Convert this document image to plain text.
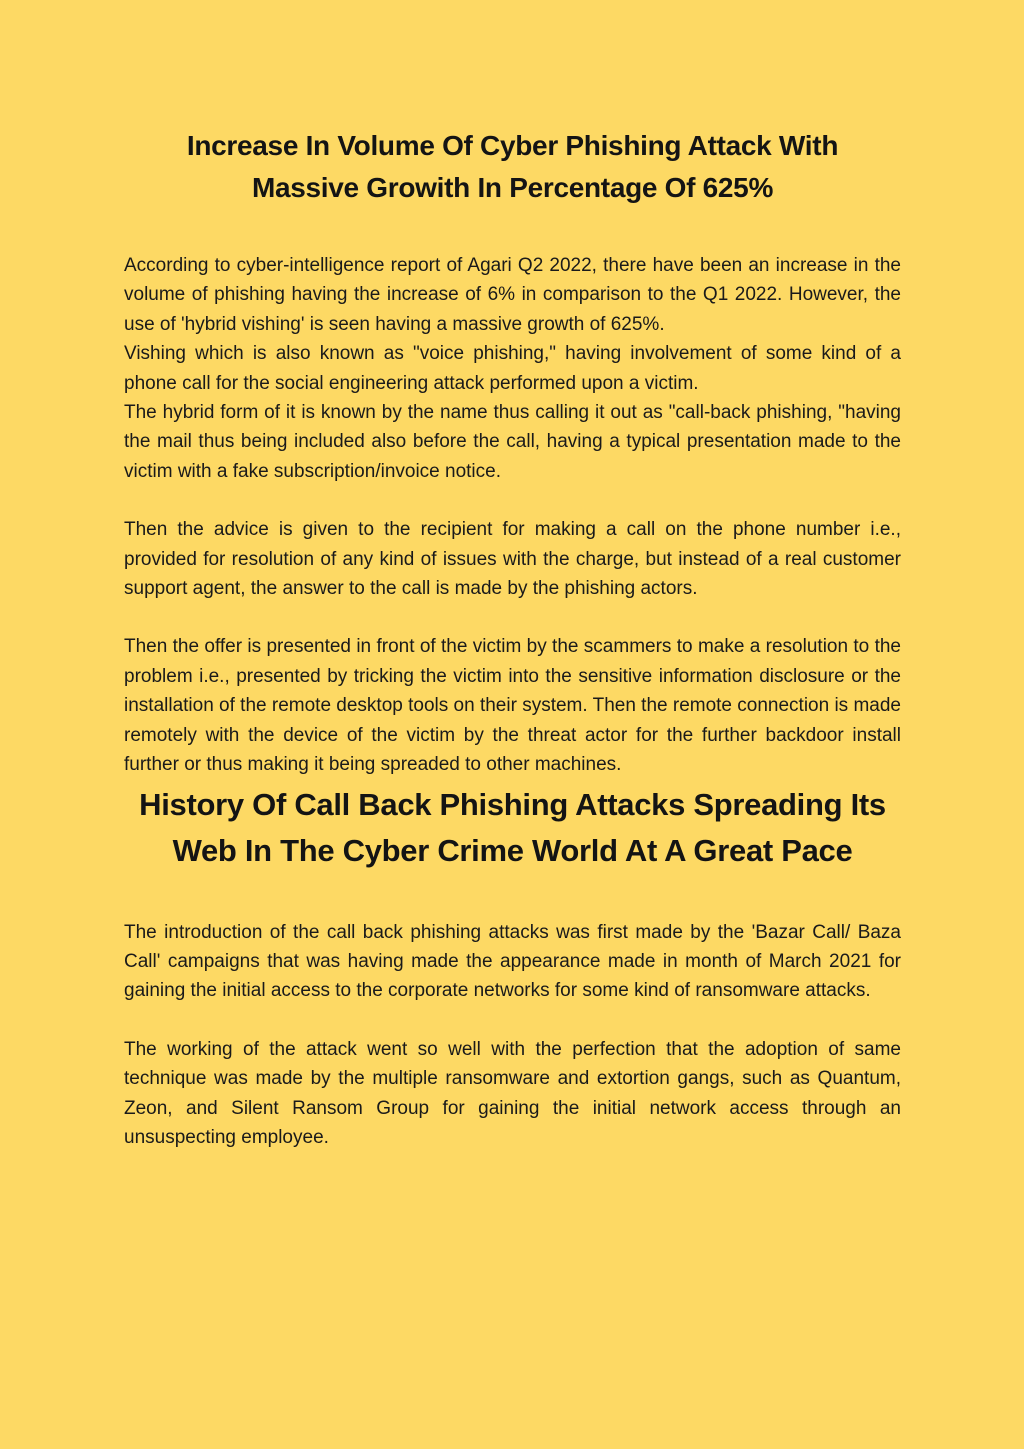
Increase In Volume Of Cyber Phishing Attack With Massive Growith In Percentage Of 625%

According to cyber-intelligence report of Agari Q2 2022, there have been an increase in the volume of phishing having the increase of 6% in comparison to the Q1 2022. However, the use of 'hybrid vishing' is seen having a massive growth of 625%.

Vishing which is also known as "voice phishing," having involvement of some kind of a phone call for the social engineering attack performed upon a victim.

The hybrid form of it is known by the name thus calling it out as "call-back phishing, "having the mail thus being included also before the call, having a typical presentation made to the victim with a fake subscription/invoice notice.

Then the advice is given to the recipient for making a call on the phone number i.e., provided for resolution of any kind of issues with the charge, but instead of a real customer support agent, the answer to the call is made by the phishing actors.

Then the offer is presented in front of the victim by the scammers to make a resolution to the problem i.e., presented by tricking the victim into the sensitive information disclosure or the installation of the remote desktop tools on their system. Then the remote connection is made remotely with the device of the victim by the threat actor for the further backdoor install further or thus making it being spreaded to other machines.

History Of Call Back Phishing Attacks Spreading Its Web In The Cyber Crime World At A Great Pace

The introduction of the call back phishing attacks was first made by the 'Bazar Call/ Baza Call' campaigns that was having made the appearance made in month of March 2021 for gaining the initial access to the corporate networks for some kind of ransomware attacks.

The working of the attack went so well with the perfection that the adoption of same technique was made by the multiple ransomware and extortion gangs, such as Quantum, Zeon, and Silent Ransom Group for gaining the initial network access through an unsuspecting employee.
